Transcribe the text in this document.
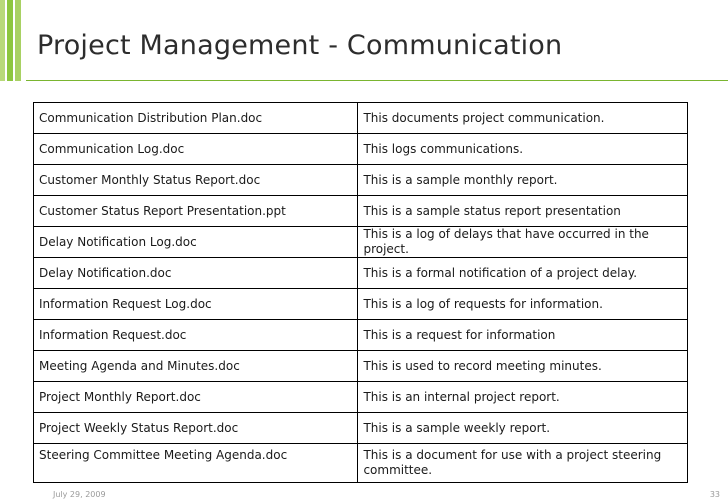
Project Management - Communication
Communication Distribution Plan.doc	This documents project communication.
Communication Log.doc	This logs communications.
Customer Monthly Status Report.doc	This is a sample monthly report.
Customer Status Report Presentation.ppt	This is a sample status report presentation
Delay Notification Log.doc	This is a log of delays that have occurred in the project.
Delay Notification.doc	This is a formal notification of a project delay.
Information Request Log.doc	This is a log of requests for information.
Information Request.doc	This is a request for information
Meeting Agenda and Minutes.doc	This is used to record meeting minutes.
Project Monthly Report.doc	This is an internal project report.
Project Weekly Status Report.doc	This is a sample weekly report.
Steering Committee Meeting Agenda.doc	This is a document for use with a project steering committee.
July 29, 2009	33
